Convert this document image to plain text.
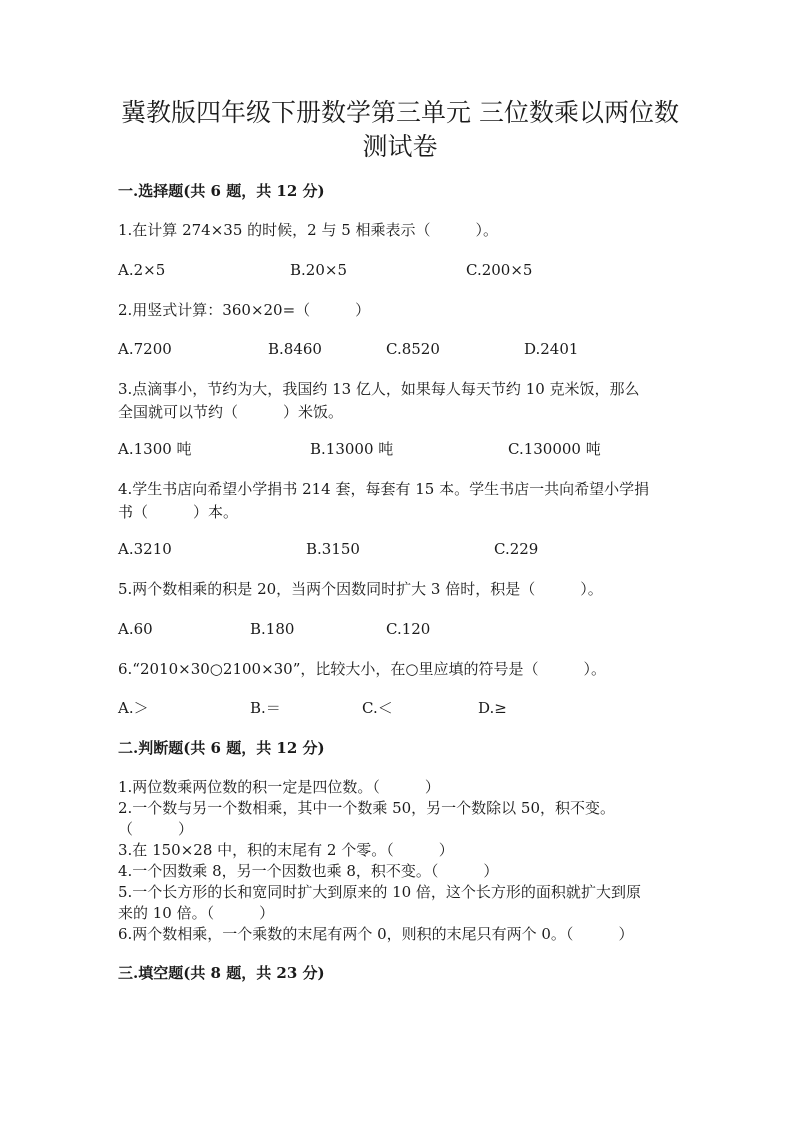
冀教版四年级下册数学第三单元 三位数乘以两位数
测试卷
一.选择题(共 6 题，共 12 分)
1.在计算 274×35 的时候，2 与 5 相乘表示（　　　）。
A.2×5	B.20×5	C.200×5
2.用竖式计算：360×20=（　　　）
A.7200	B.8460	C.8520	D.2401
3.点滴事小，节约为大，我国约 13 亿人，如果每人每天节约 10 克米饭，那么
全国就可以节约（　　　）米饭。
A.1300 吨	B.13000 吨	C.130000 吨
4.学生书店向希望小学捐书 214 套，每套有 15 本。学生书店一共向希望小学捐
书（　　　）本。
A.3210	B.3150	C.229
5.两个数相乘的积是 20，当两个因数同时扩大 3 倍时，积是（　　　）。
A.60	B.180	C.120
6.“2010×30○2100×30”，比较大小，在○里应填的符号是（　　　）。
A.＞	B.＝	C.＜	D.≥
二.判断题(共 6 题，共 12 分)
1.两位数乘两位数的积一定是四位数。（　　　）
2.一个数与另一个数相乘，其中一个数乘 50，另一个数除以 50，积不变。
（　　　）
3.在 150×28 中，积的末尾有 2 个零。（　　　）
4.一个因数乘 8，另一个因数也乘 8，积不变。（　　　）
5.一个长方形的长和宽同时扩大到原来的 10 倍，这个长方形的面积就扩大到原
来的 10 倍。（　　　）
6.两个数相乘，一个乘数的末尾有两个 0，则积的末尾只有两个 0。（　　　）
三.填空题(共 8 题，共 23 分)
